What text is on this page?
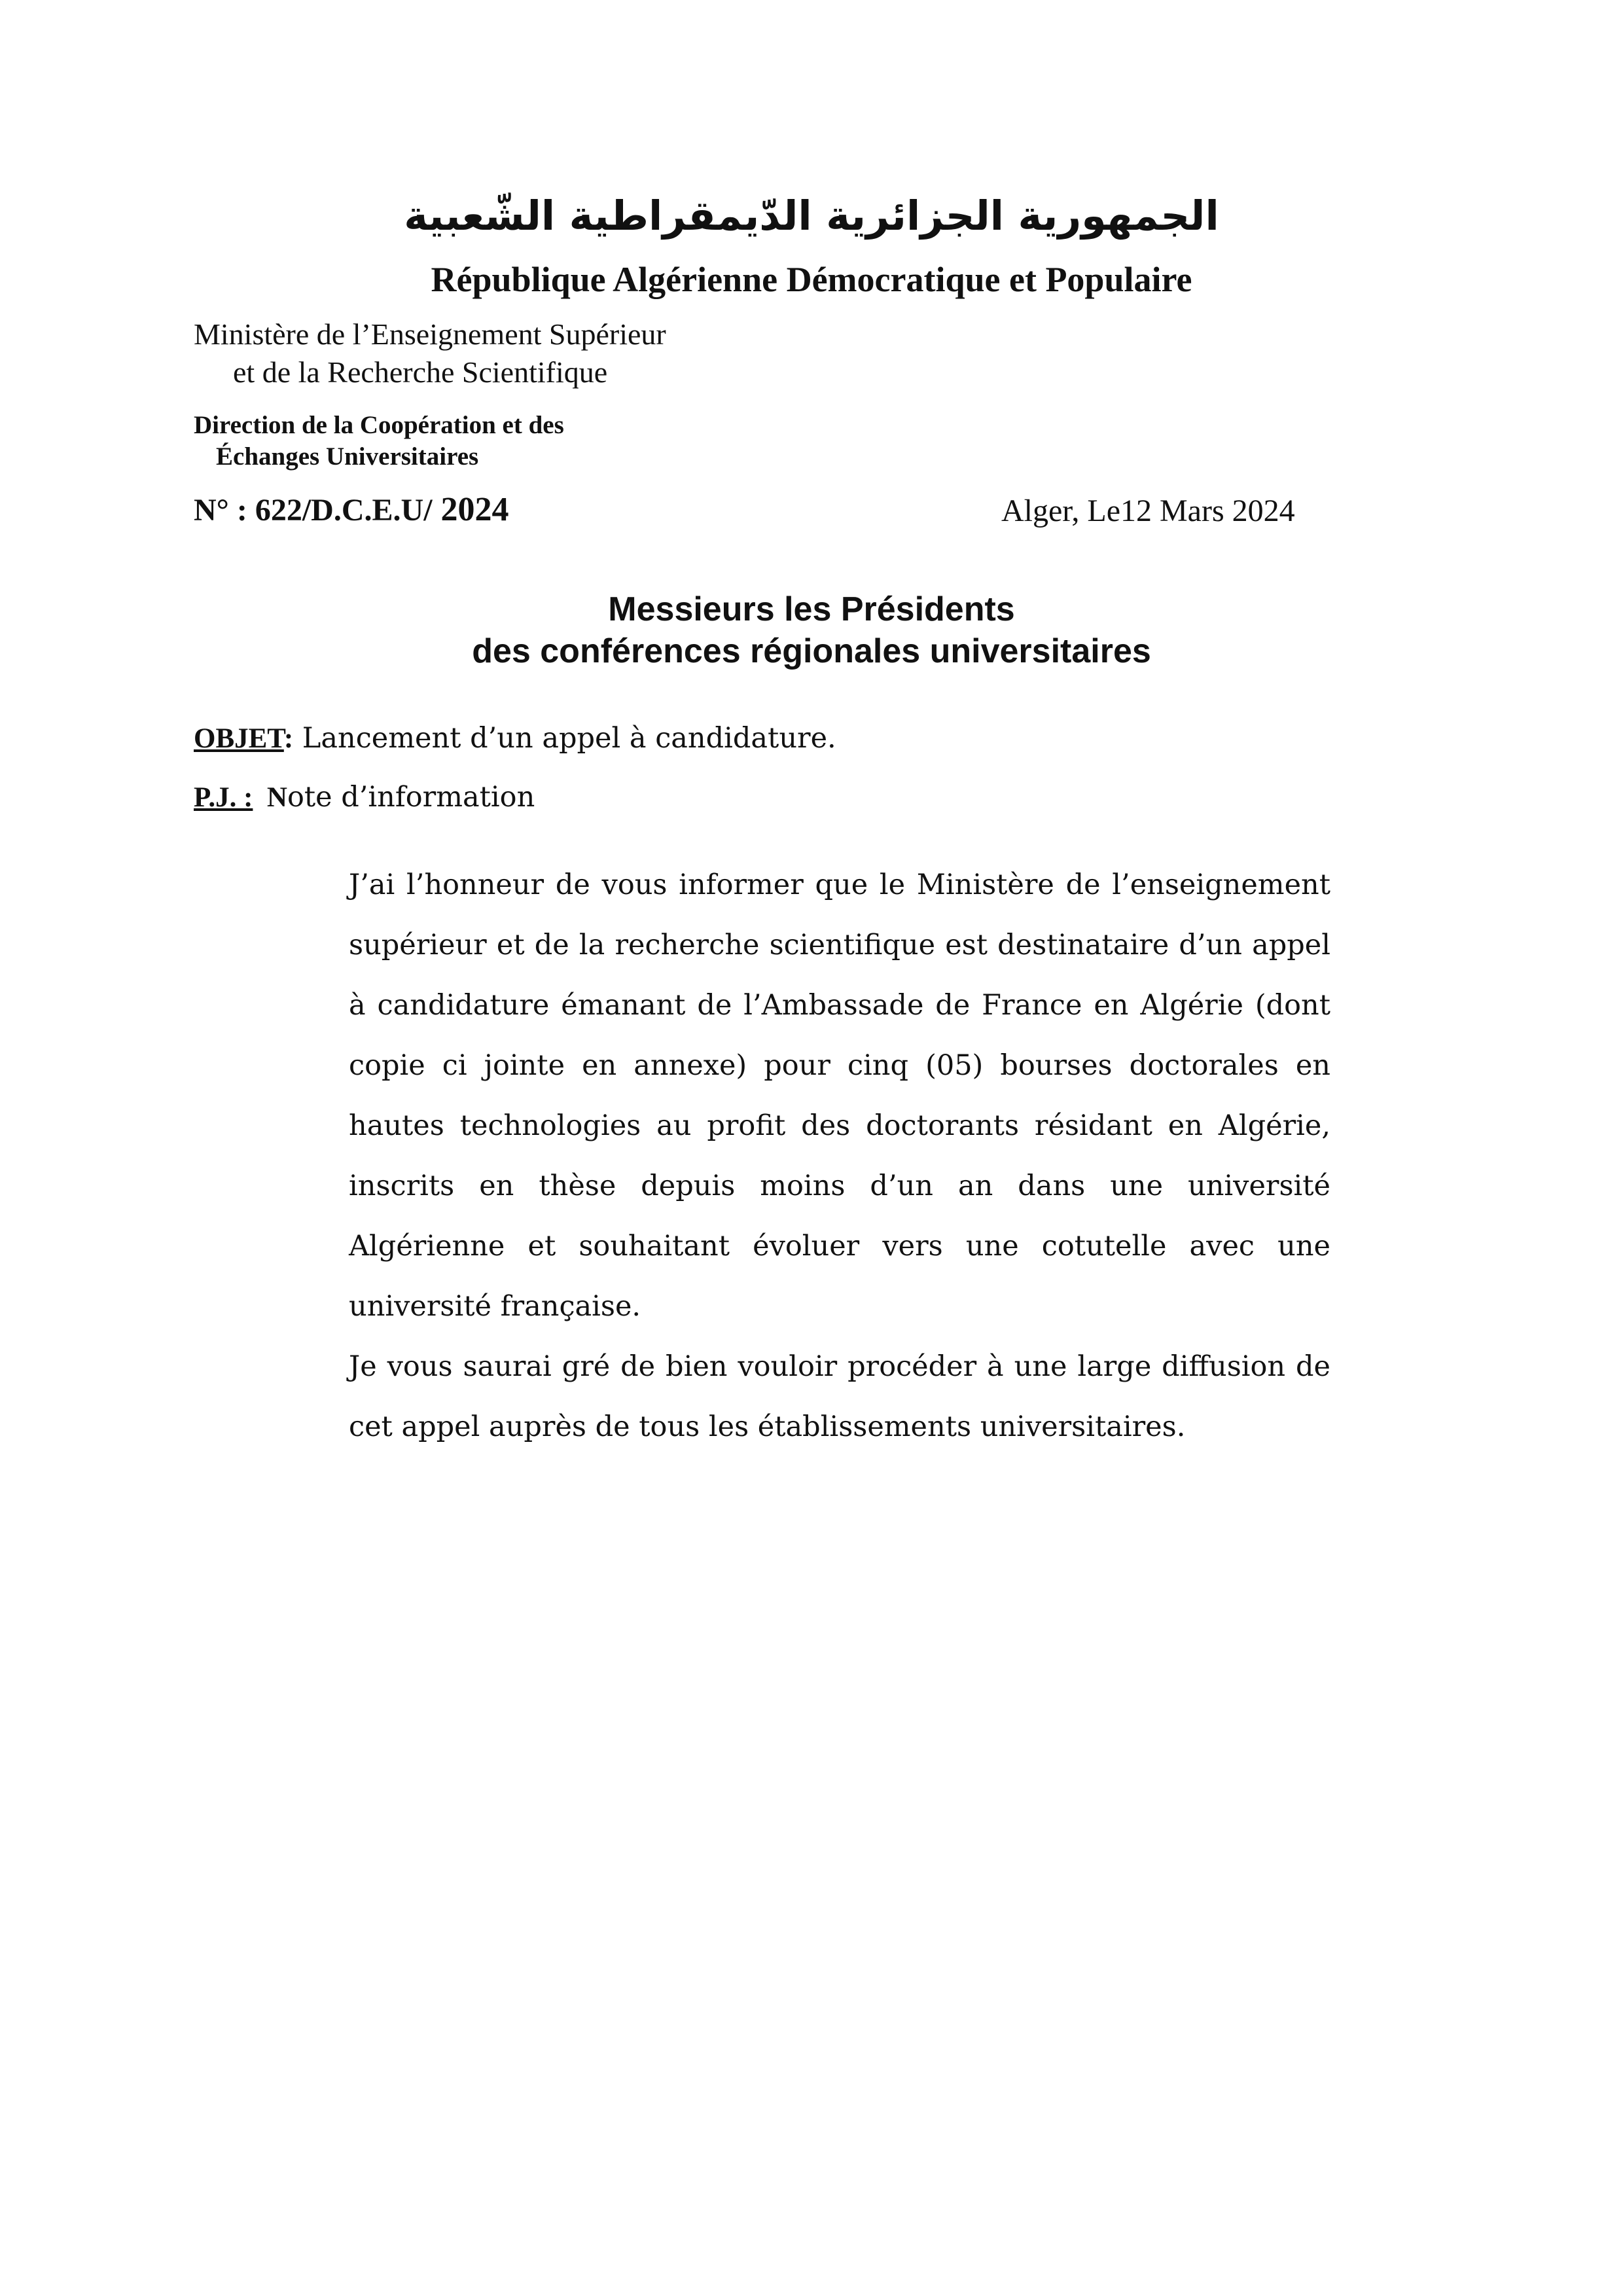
الجمهورية الجزائرية الدّيمقراطية الشّعبية
République Algérienne Démocratique et Populaire
Ministère de l’Enseignement Supérieur
et de la Recherche Scientifique
Direction de la Coopération et des
Échanges Universitaires
N° : 622/D.C.E.U/ 2024	Alger, Le12 Mars 2024
Messieurs les Présidents
des conférences régionales universitaires
OBJET: Lancement d’un appel à candidature.
P.J. :  Note d’information
J’ai l’honneur de vous informer que le Ministère de l’enseignement
supérieur et de la recherche scientifique est destinataire d’un appel
à candidature émanant de l’Ambassade de France en Algérie (dont
copie ci jointe en annexe) pour cinq (05) bourses doctorales en
hautes technologies au profit des doctorants résidant en Algérie,
inscrits en thèse depuis moins d’un an dans une université
Algérienne et souhaitant évoluer vers une cotutelle avec une
université française.
Je vous saurai gré de bien vouloir procéder à une large diffusion de
cet appel auprès de tous les établissements universitaires.
